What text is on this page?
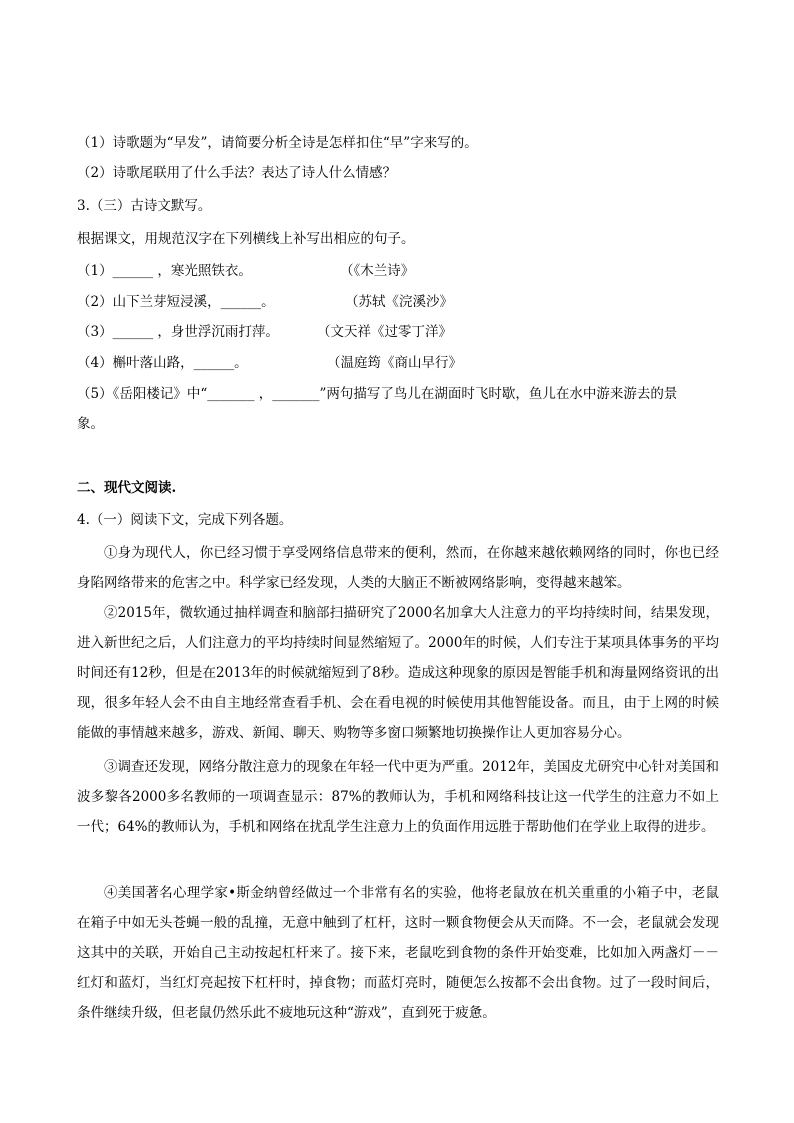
（1）诗歌题为“早发”，请简要分析全诗是怎样扣住“早”字来写的。
（2）诗歌尾联用了什么手法？表达了诗人什么情感？
3.（三）古诗文默写。
根据课文，用规范汉字在下列横线上补写出相应的句子。
（1）______ ，寒光照铁衣。	（《木兰诗》
（2）山下兰芽短浸溪，______。	（苏轼《浣溪沙》
（3）______ ，身世浮沉雨打萍。	（文天祥《过零丁洋》
（4）槲叶落山路，______。	（温庭筠《商山早行》
（5）《岳阳楼记》中“_______ ，_______”两句描写了鸟儿在湖面时飞时歇，鱼儿在水中游来游去的景
象。
二、现代文阅读.
4.（一）阅读下文，完成下列各题。
①身为现代人，你已经习惯于享受网络信息带来的便利，然而，在你越来越依赖网络的同时，你也已经身陷网络带来的危害之中。科学家已经发现，人类的大脑正不断被网络影响，变得越来越笨。
②2015年，微软通过抽样调查和脑部扫描研究了2000名加拿大人注意力的平均持续时间，结果发现，进入新世纪之后，人们注意力的平均持续时间显然缩短了。2000年的时候，人们专注于某项具体事务的平均时间还有12秒，但是在2013年的时候就缩短到了8秒。造成这种现象的原因是智能手机和海量网络资讯的出现，很多年轻人会不由自主地经常查看手机、会在看电视的时候使用其他智能设备。而且，由于上网的时候能做的事情越来越多，游戏、新闻、聊天、购物等多窗口频繁地切换操作让人更加容易分心。
③调查还发现，网络分散注意力的现象在年轻一代中更为严重。2012年，美国皮尤研究中心针对美国和波多黎各2000多名教师的一项调查显示：87%的教师认为，手机和网络科技让这一代学生的注意力不如上一代；64%的教师认为，手机和网络在扰乱学生注意力上的负面作用远胜于帮助他们在学业上取得的进步。
④美国著名心理学家•斯金纳曾经做过一个非常有名的实验，他将老鼠放在机关重重的小箱子中，老鼠在箱子中如无头苍蝇一般的乱撞，无意中触到了杠杆，这时一颗食物便会从天而降。不一会，老鼠就会发现这其中的关联，开始自己主动按起杠杆来了。接下来，老鼠吃到食物的条件开始变难，比如加入两盏灯－－红灯和蓝灯，当红灯亮起按下杠杆时，掉食物；而蓝灯亮时，随便怎么按都不会出食物。过了一段时间后，条件继续升级，但老鼠仍然乐此不疲地玩这种“游戏”，直到死于疲惫。
